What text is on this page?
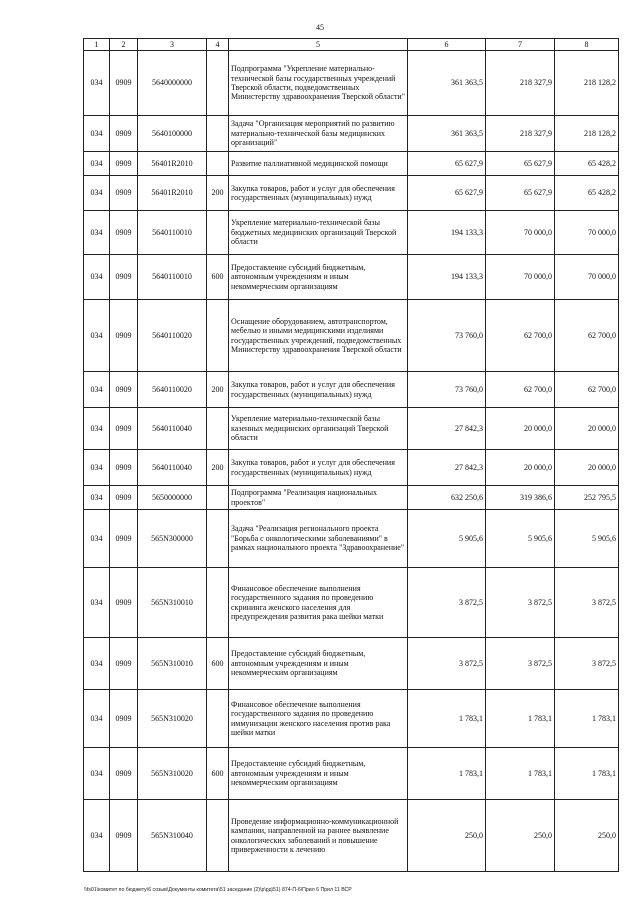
45
1	2	3	4	5	6	7	8
034	0909	5640000000		Подпрограмма "Укрепление материально-технической базы государственных учреждений Тверской области, подведомственных Министерству здравоохранения Тверской области"	361 363,5	218 327,9	218 128,2
034	0909	5640100000		Задача "Организация мероприятий по развитию материально-технической базы медицинских организаций"	361 363,5	218 327,9	218 128,2
034	0909	56401R2010		Развитие паллиативной медицинской помощи	65 627,9	65 627,9	65 428,2
034	0909	56401R2010	200	Закупка товаров, работ и услуг для обеспечения государственных (муниципальных) нужд	65 627,9	65 627,9	65 428,2
034	0909	5640110010		Укрепление материально-технической базы бюджетных медицинских организаций Тверской области	194 133,3	70 000,0	70 000,0
034	0909	5640110010	600	Предоставление субсидий бюджетным, автономным учреждениям и иным некоммерческим организациям	194 133,3	70 000,0	70 000,0
034	0909	5640110020		Оснащение оборудованием, автотранспортом, мебелью и иными медицинскими изделиями государственных учреждений, подведомственных Министерству здравоохранения Тверской области	73 760,0	62 700,0	62 700,0
034	0909	5640110020	200	Закупка товаров, работ и услуг для обеспечения государственных (муниципальных) нужд	73 760,0	62 700,0	62 700,0
034	0909	5640110040		Укрепление материально-технической базы казенных медицинских организаций Тверской области	27 842,3	20 000,0	20 000,0
034	0909	5640110040	200	Закупка товаров, работ и услуг для обеспечения государственных (муниципальных) нужд	27 842,3	20 000,0	20 000,0
034	0909	5650000000		Подпрограмма "Реализация национальных проектов"	632 250,6	319 386,6	252 795,5
034	0909	565N300000		Задача "Реализация регионального проекта "Борьба с онкологическими заболеваниями" в рамках национального проекта "Здравоохранение"	5 905,6	5 905,6	5 905,6
034	0909	565N310010		Финансовое обеспечение выполнения государственного задания по проведению скрининга женского населения для предупреждения развития рака шейки матки	3 872,5	3 872,5	3 872,5
034	0909	565N310010	600	Предоставление субсидий бюджетным, автономным учреждениям и иным некоммерческим организациям	3 872,5	3 872,5	3 872,5
034	0909	565N310020		Финансовое обеспечение выполнения государственного задания по проведению иммунизации женского населения против рака шейки матки	1 783,1	1 783,1	1 783,1
034	0909	565N310020	600	Предоставление субсидий бюджетным, автономным учреждениям и иным некоммерческим организациям	1 783,1	1 783,1	1 783,1
034	0909	565N310040		Проведение информационно-коммуникационной кампании, направленной на раннее выявление онкологических заболеваний и повышение приверженности к лечению	250,0	250,0	250,0
\\fs01\комитет по бюджету\6 созыв\Документы комитета\51 заседание (2)\р\рд\51) 874-П-6\Прил 6 Прил 11 ВСР
